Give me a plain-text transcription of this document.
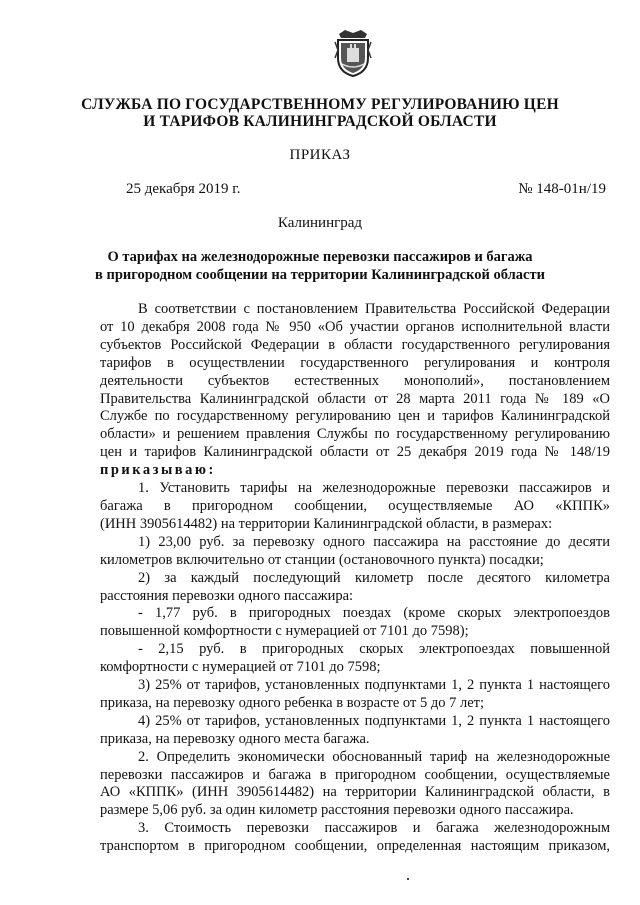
СЛУЖБА ПО ГОСУДАРСТВЕННОМУ РЕГУЛИРОВАНИЮ ЦЕН
И ТАРИФОВ КАЛИНИНГРАДСКОЙ ОБЛАСТИ
ПРИКАЗ
25 декабря 2019 г.	№ 148-01н/19
Калининград
О тарифах на железнодорожные перевозки пассажиров и багажа
в пригородном сообщении на территории Калининградской области

В соответствии с постановлением Правительства Российской Федерации

от 10 декабря 2008 года № 950 «Об участии органов исполнительной власти

субъектов Российской Федерации в области государственного регулирования

тарифов в осуществлении государственного регулирования и контроля

деятельности субъектов естественных монополий», постановлением

Правительства Калининградской области от 28 марта 2011 года № 189 «О

Службе по государственному регулированию цен и тарифов Калининградской

области» и решением правления Службы по государственному регулированию

цен и тарифов Калининградской области от 25 декабря 2019 года № 148/19

приказываю:

1. Установить тарифы на железнодорожные перевозки пассажиров и

багажа в пригородном сообщении, осуществляемые АО «КППК»

(ИНН 3905614482) на территории Калининградской области, в размерах:

1) 23,00 руб. за перевозку одного пассажира на расстояние до десяти

километров включительно от станции (остановочного пункта) посадки;

2) за каждый последующий километр после десятого километра

расстояния перевозки одного пассажира:

- 1,77 руб. в пригородных поездах (кроме скорых электропоездов

повышенной комфортности с нумерацией от 7101 до 7598);

- 2,15 руб. в пригородных скорых электропоездах повышенной

комфортности с нумерацией от 7101 до 7598;

3) 25% от тарифов, установленных подпунктами 1, 2 пункта 1 настоящего

приказа, на перевозку одного ребенка в возрасте от 5 до 7 лет;

4) 25% от тарифов, установленных подпунктами 1, 2 пункта 1 настоящего

приказа, на перевозку одного места багажа.

2. Определить экономически обоснованный тариф на железнодорожные

перевозки пассажиров и багажа в пригородном сообщении, осуществляемые

АО «КППК» (ИНН 3905614482) на территории Калининградской области, в

размере 5,06 руб. за один километр расстояния перевозки одного пассажира.

3. Стоимость перевозки пассажиров и багажа железнодорожным

транспортом в пригородном сообщении, определенная настоящим приказом,
